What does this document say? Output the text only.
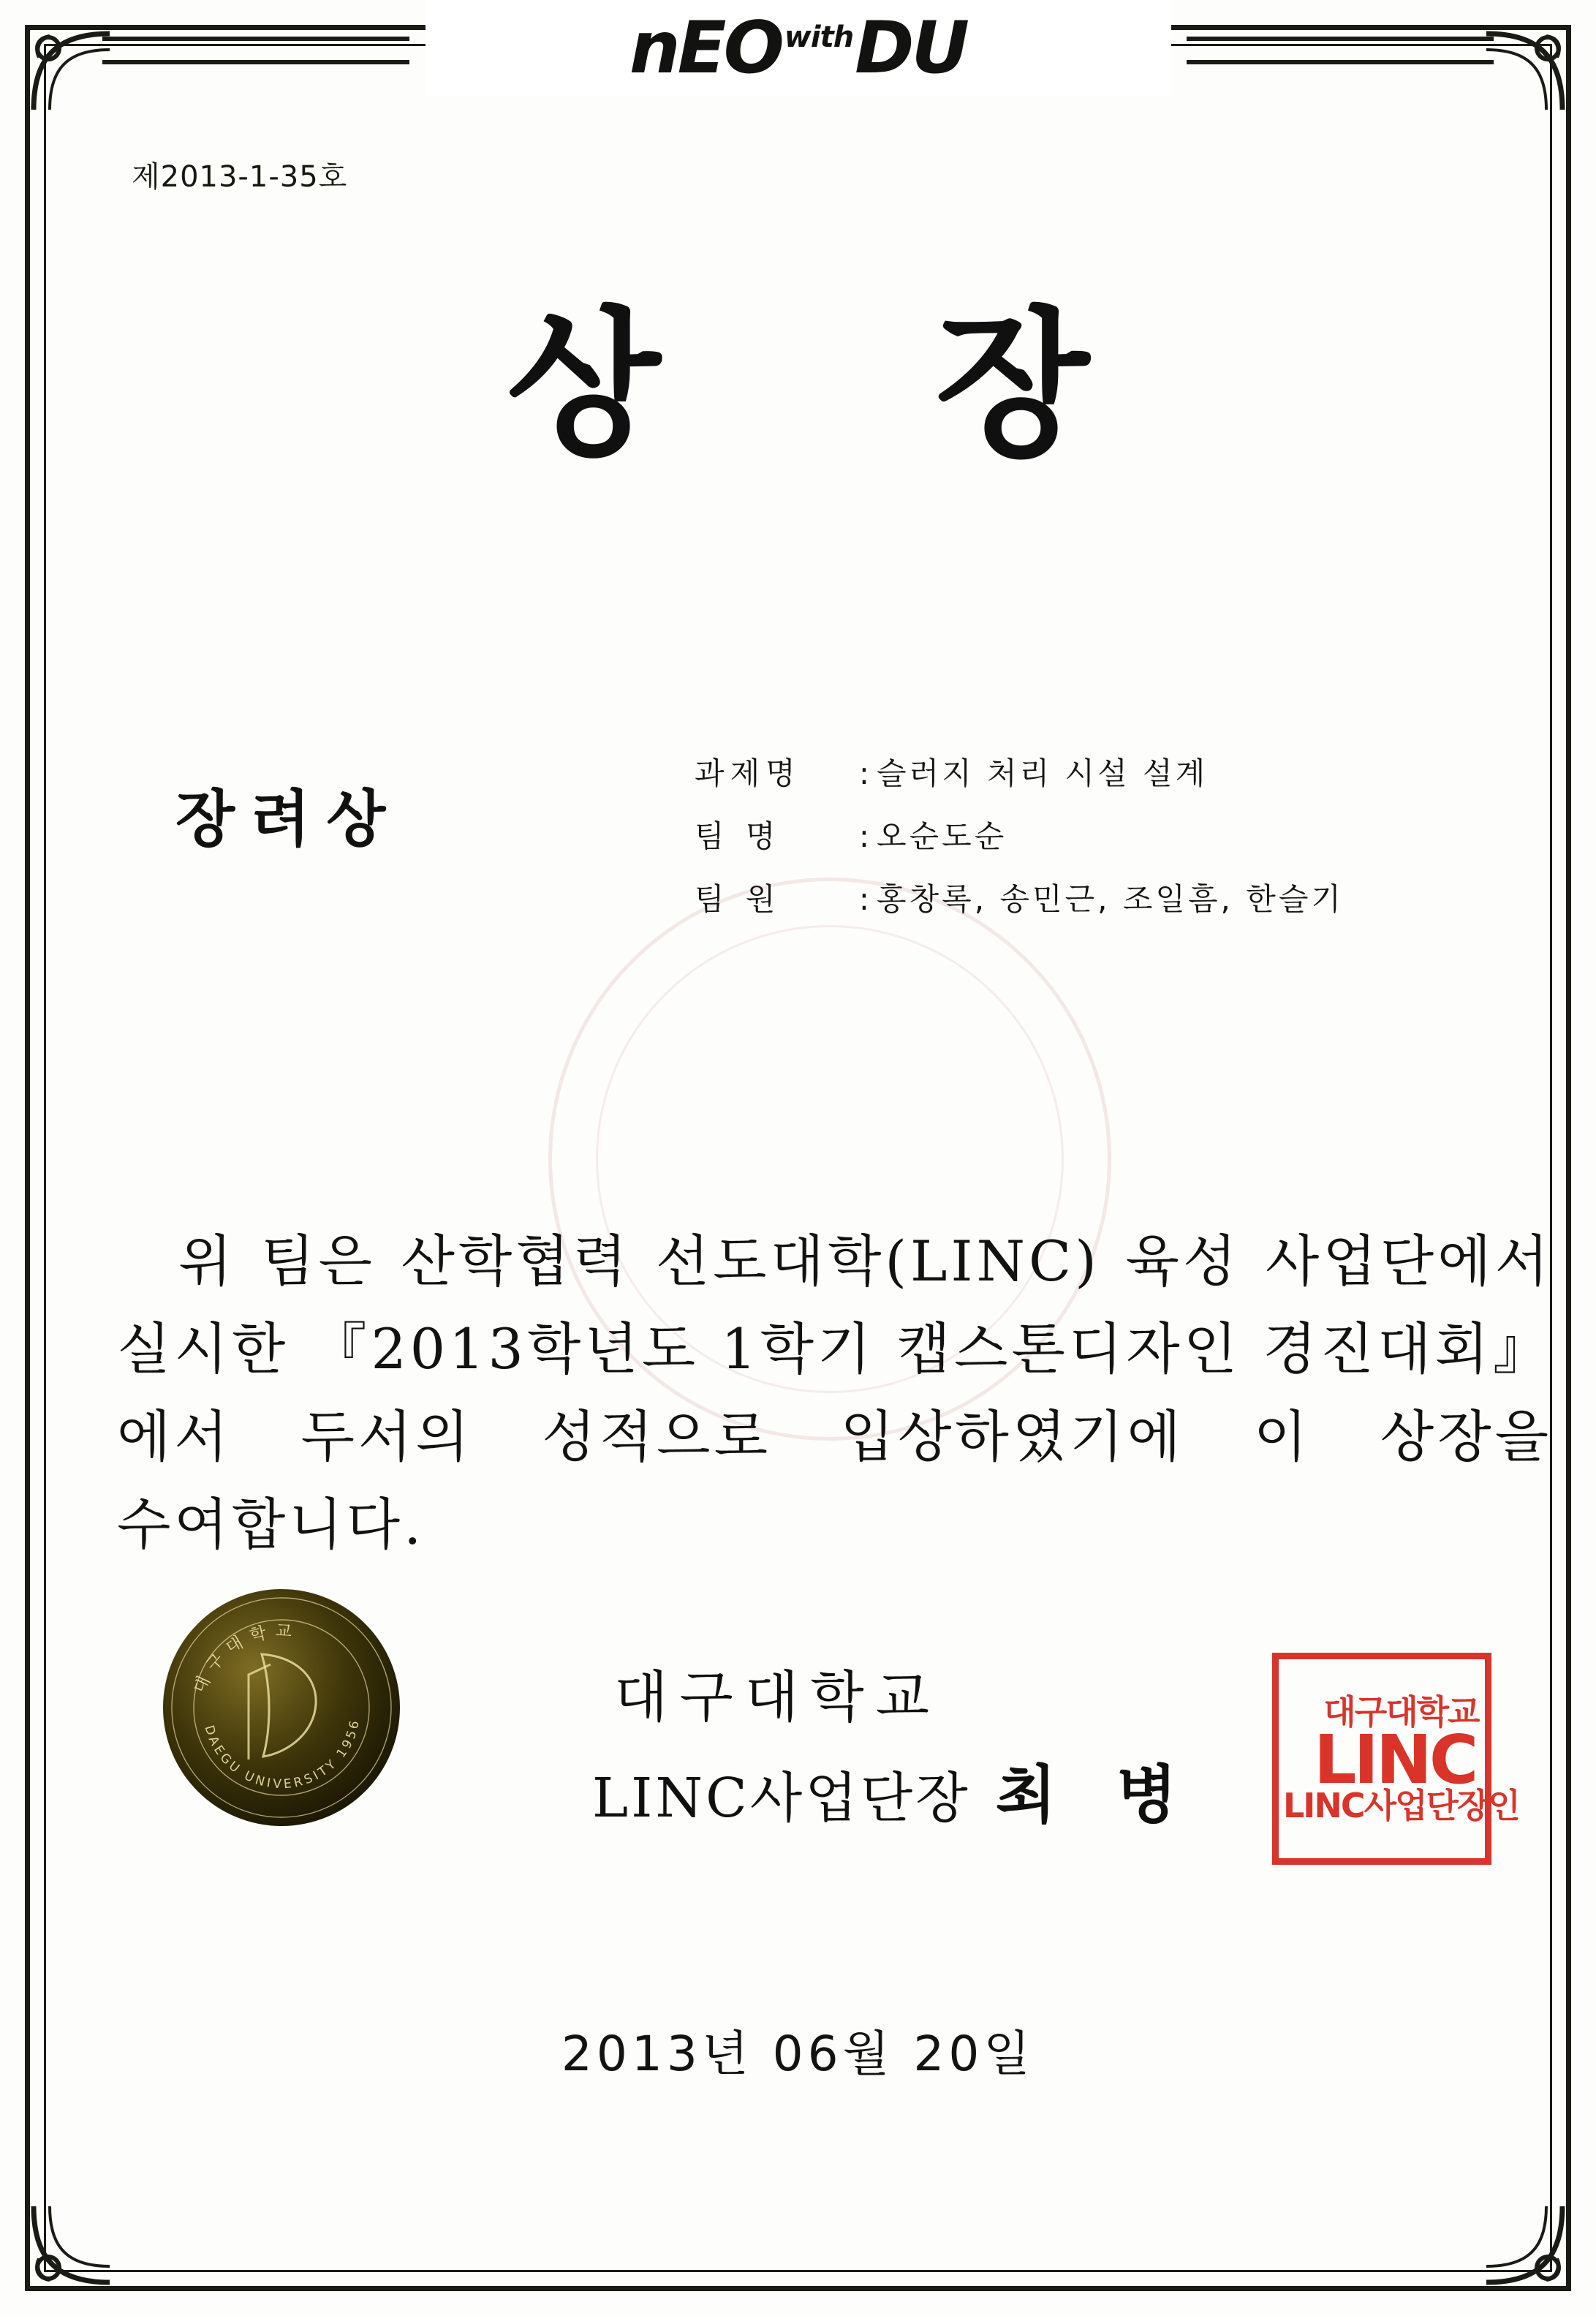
nEO with DU
제2013-1-35호
상 장
장려상
과제명	: 슬러지 처리 시설 설계
팀 명	: 오순도순
팀 원	: 홍창록, 송민근, 조일흠, 한슬기
위 팀은 산학협력 선도대학(LINC) 육성 사업단에서 실시한 『2013학년도 1학기 캡스톤디자인 경진대회』에서 두서의 성적으로 입상하였기에 이 상장을 수여합니다.
2013년 06월 20일
대구대학교
DAEGU UNIVERSITY 1956	대구대학교
LINC사업단장 최 병
대구대학교
LINC사업단장인
LINC
